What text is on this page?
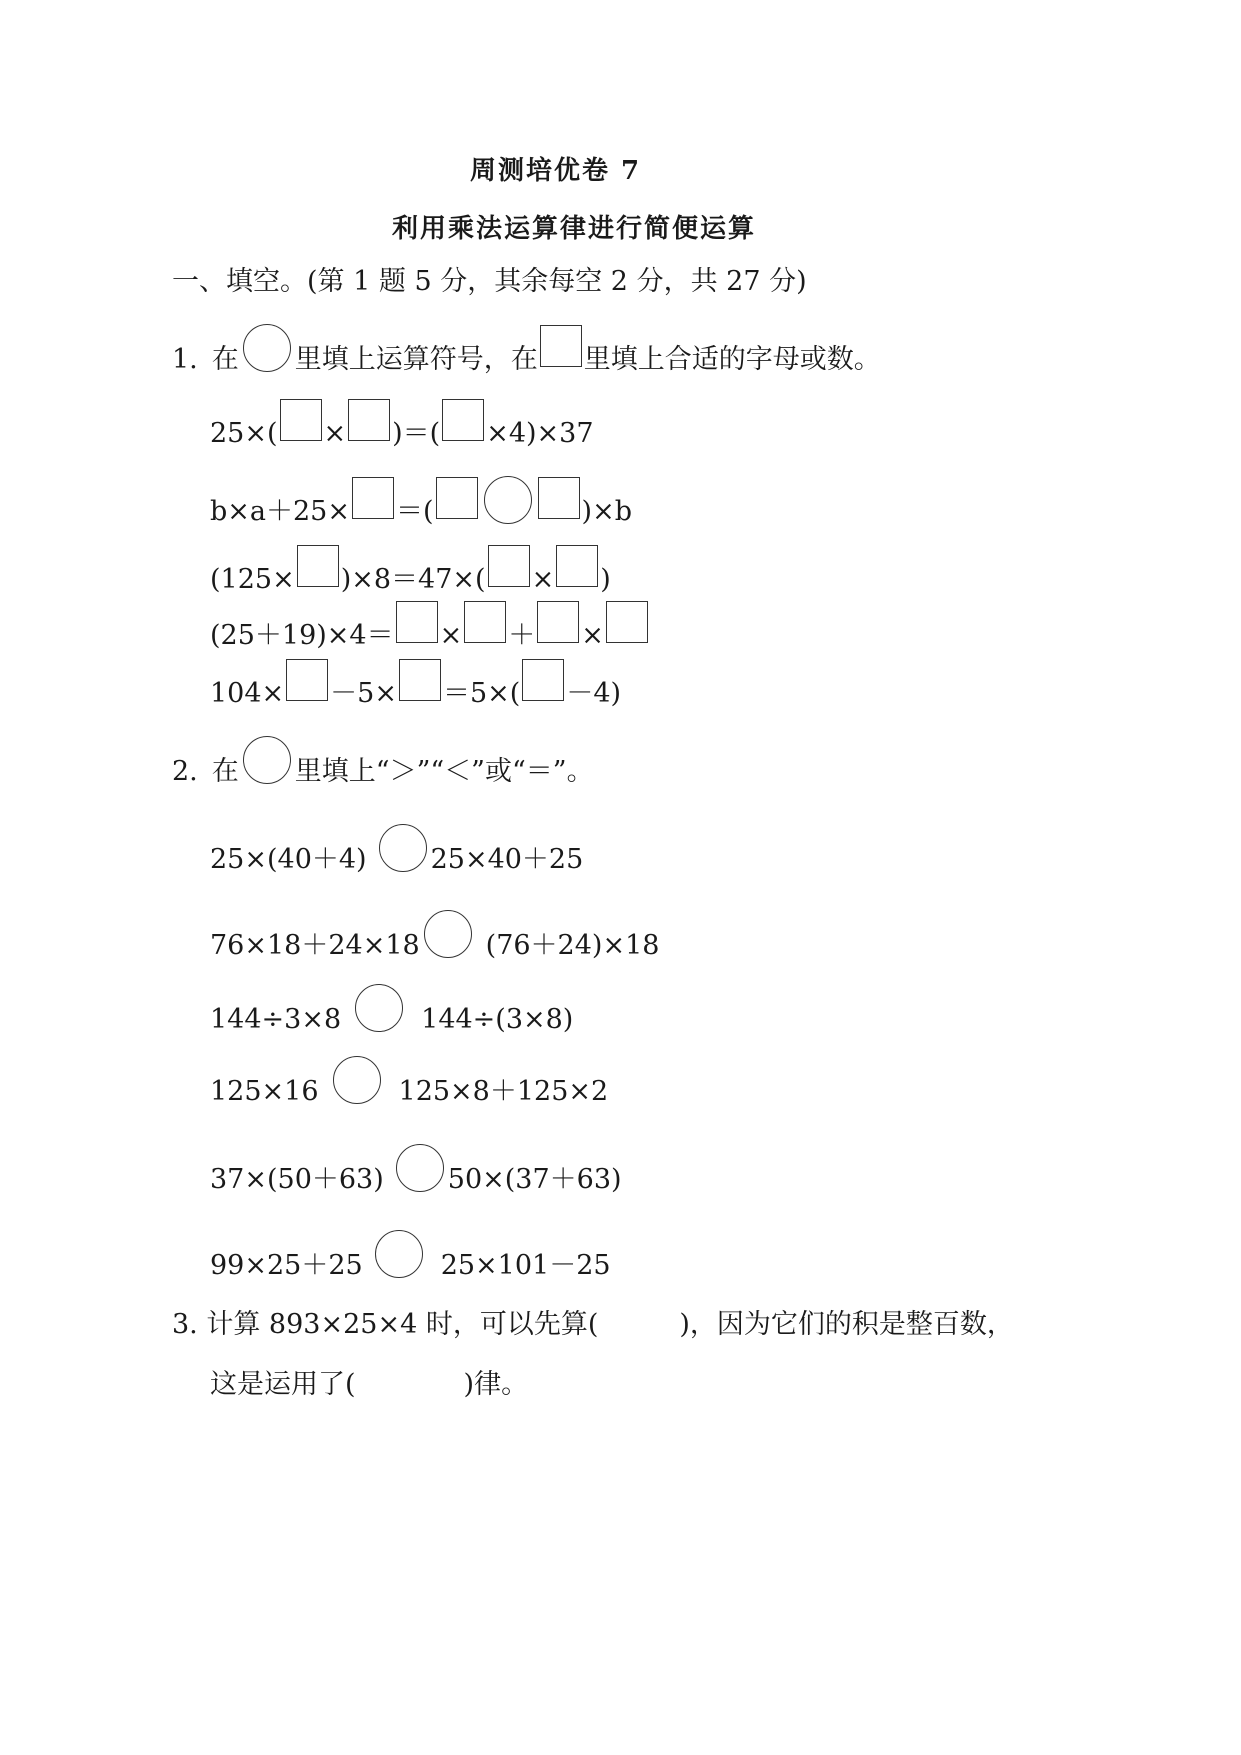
周测培优卷 7
利用乘法运算律进行简便运算
一、填空。(第 1 题 5 分，其余每空 2 分，共 27 分)
1. 在 里填上运算符号，在 里填上合适的字母或数。
25×( × )＝( ×4)×37
b×a＋25× ＝(	)×b
(125× )×8＝47×( × )
(25＋19)×4＝ × ＋ ×
104× －5× ＝5×( －4)
2. 在 里填上“＞”“＜”或“＝”。
25×(40＋4) 25×40＋25
76×18＋24×18 (76＋24)×18
144÷3×8	144÷(3×8)
125×16	125×8＋125×2
37×(50＋63) 50×(37＋63)
99×25＋25	25×101－25
3. 计算 893×25×4 时，可以先算(　　　)，因为它们的积是整百数，
这是运用了(　　　　)律。
